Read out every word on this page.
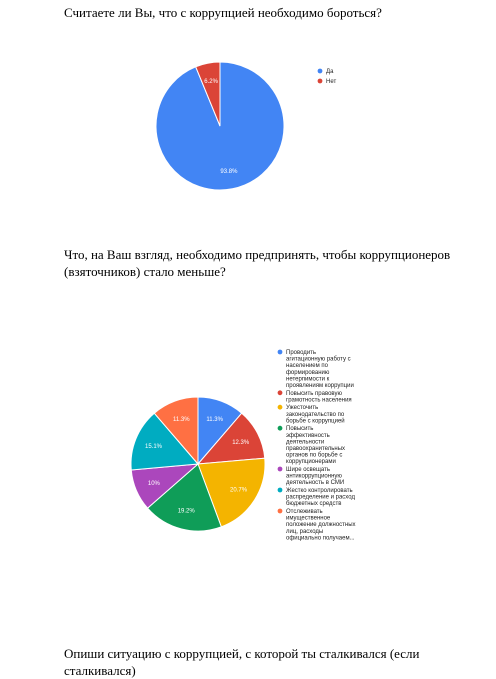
Считаете ли Вы, что с коррупцией необходимо бороться?

93.8%
6.2%
Да
Нет

Что, на Ваш взгляд, необходимо предпринять, чтобы коррупционеров (взяточников) стало меньше?

11.3%
12.3%
20.7%
19.2%
10%
15.1%
11.3%
Проводить агитационную работу с населением по формированию нетерпимости к проявлениям коррупции
Повысить правовую грамотность населения
Ужесточить законодательство по борьбе с коррупцией
Повысить эффективность деятельности правоохранительных органов по борьбе с коррупционерами
Шире освещать антикоррупционную деятельность в СМИ
Жестко контролировать распределение и расход бюджетных средств
Отслеживать имущественное положение должностных лиц, расходы официально получаем...

Опиши ситуацию с коррупцией, с которой ты сталкивался (если сталкивался)
